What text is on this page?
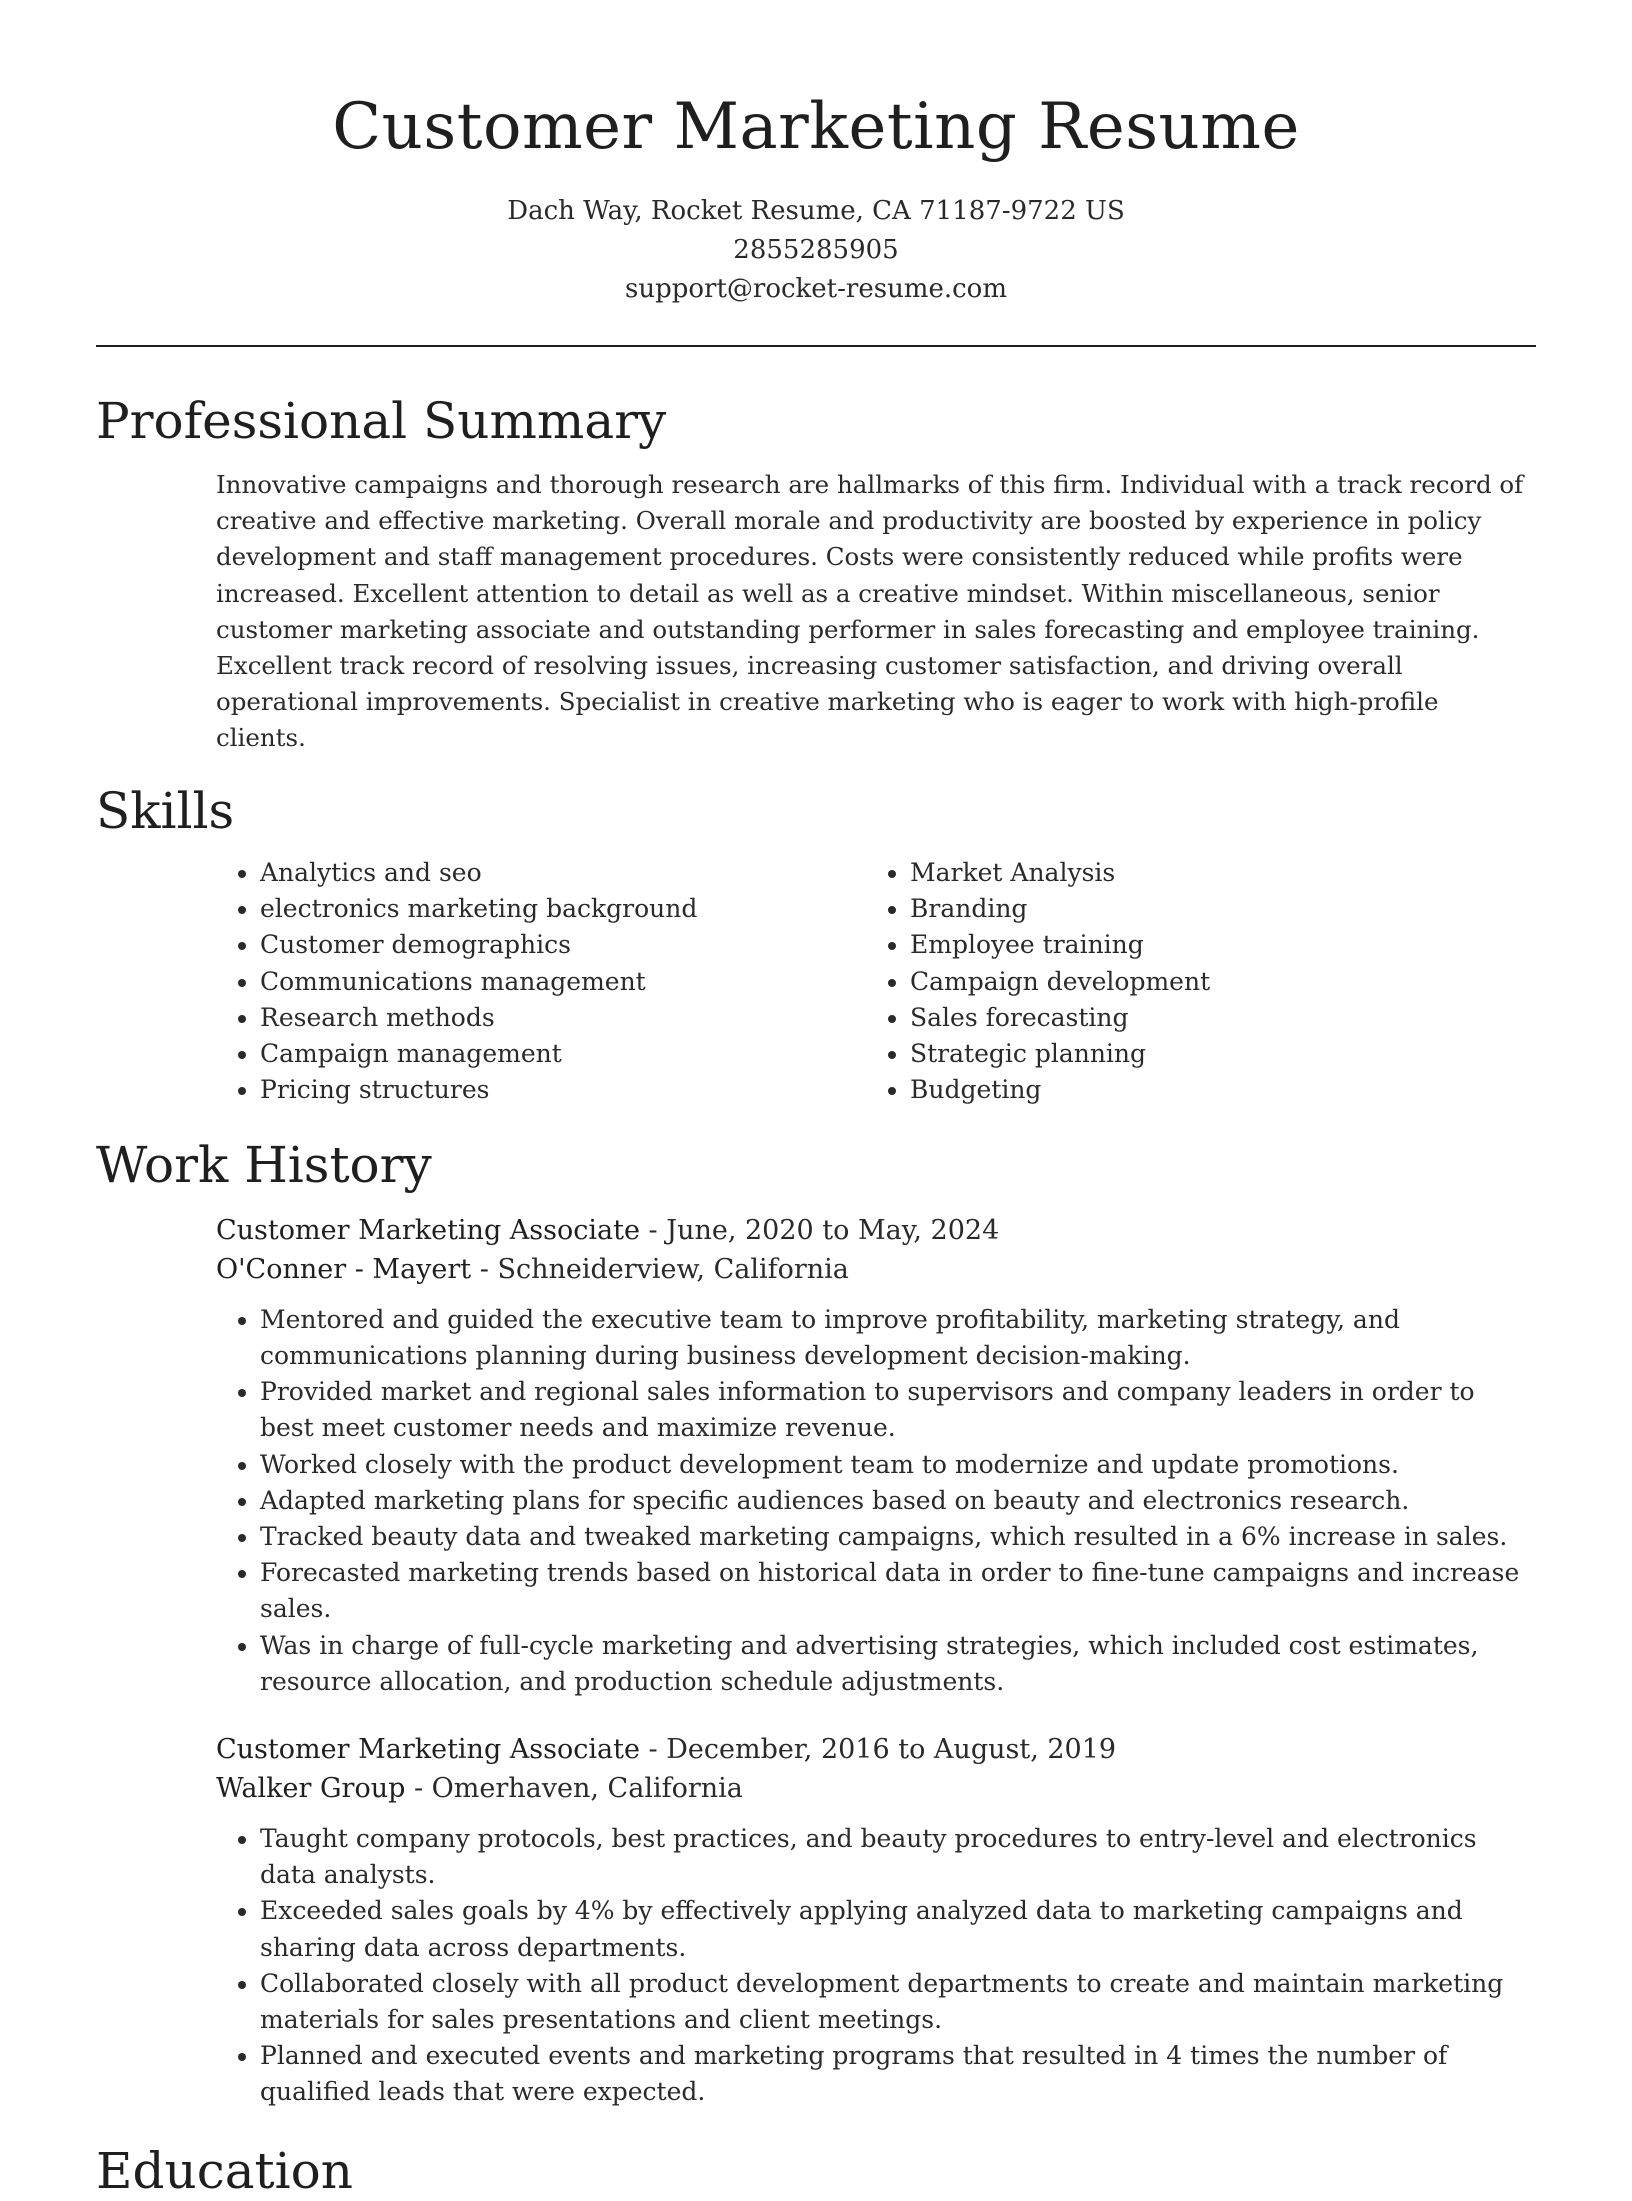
Customer Marketing Resume
Dach Way, Rocket Resume, CA 71187-9722 US
2855285905
support@rocket-resume.com
Professional Summary

Innovative campaigns and thorough research are hallmarks of this firm. Individual with a track record of creative and effective marketing. Overall morale and productivity are boosted by experience in policy development and staff management procedures. Costs were consistently reduced while profits were increased. Excellent attention to detail as well as a creative mindset. Within miscellaneous, senior customer marketing associate and outstanding performer in sales forecasting and employee training. Excellent track record of resolving issues, increasing customer satisfaction, and driving overall operational improvements. Specialist in creative marketing who is eager to work with high-profile clients.

Skills
• Analytics and seo
• electronics marketing background
• Customer demographics
• Communications management
• Research methods
• Campaign management
• Pricing structures
• Market Analysis
• Branding
• Employee training
• Campaign development
• Sales forecasting
• Strategic planning
• Budgeting
Work History
Customer Marketing Associate - June, 2020 to May, 2024
O'Conner - Mayert - Schneiderview, California
• Mentored and guided the executive team to improve profitability, marketing strategy, and communications planning during business development decision-making.
• Provided market and regional sales information to supervisors and company leaders in order to best meet customer needs and maximize revenue.
• Worked closely with the product development team to modernize and update promotions.
• Adapted marketing plans for specific audiences based on beauty and electronics research.
• Tracked beauty data and tweaked marketing campaigns, which resulted in a 6% increase in sales.
• Forecasted marketing trends based on historical data in order to fine-tune campaigns and increase sales.
• Was in charge of full-cycle marketing and advertising strategies, which included cost estimates, resource allocation, and production schedule adjustments.
Customer Marketing Associate - December, 2016 to August, 2019
Walker Group - Omerhaven, California
• Taught company protocols, best practices, and beauty procedures to entry-level and electronics data analysts.
• Exceeded sales goals by 4% by effectively applying analyzed data to marketing campaigns and sharing data across departments.
• Collaborated closely with all product development departments to create and maintain marketing materials for sales presentations and client meetings.
• Planned and executed events and marketing programs that resulted in 4 times the number of qualified leads that were expected.
Education
